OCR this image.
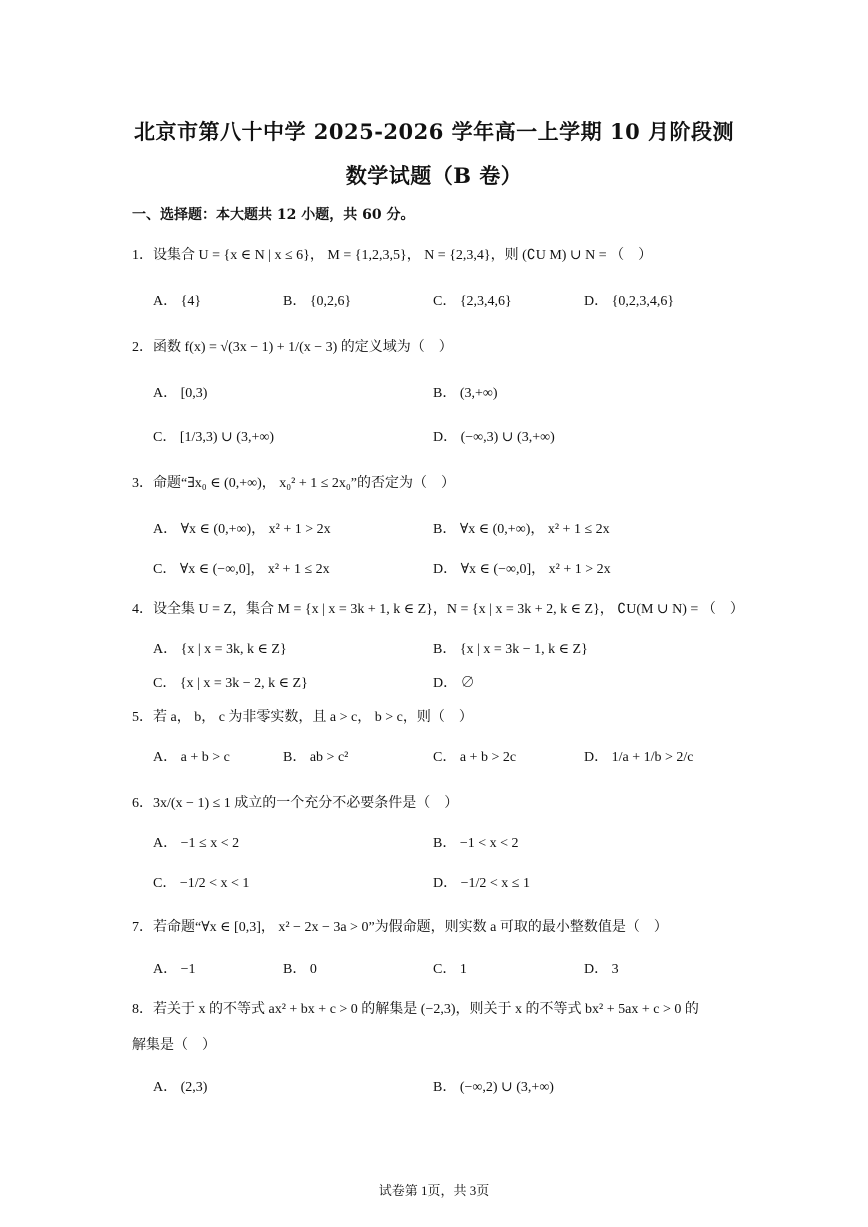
北京市第八十中学 2025-2026 学年高一上学期 10 月阶段测
数学试题（B 卷）
一、选择题：本大题共 12 小题，共 60 分。
1．设集合 U = {x ∈ N | x ≤ 6}， M = {1,2,3,5}， N = {2,3,4}，则 (∁U M) ∪ N = （　）
A． {4}	B． {0,2,6}	C． {2,3,4,6}	D． {0,2,3,4,6}
2．函数 f(x) = √(3x − 1) + 1/(x − 3) 的定义域为（　）
A． [0,3)	B． (3,+∞)
C． [1/3,3) ∪ (3,+∞)	D． (−∞,3) ∪ (3,+∞)
3．命题“∃x₀ ∈ (0,+∞)， x₀² + 1 ≤ 2x₀”的否定为（　）
A． ∀x ∈ (0,+∞)， x² + 1 > 2x	B． ∀x ∈ (0,+∞)， x² + 1 ≤ 2x
C． ∀x ∈ (−∞,0]， x² + 1 ≤ 2x	D． ∀x ∈ (−∞,0]， x² + 1 > 2x
4．设全集 U = Z，集合 M = {x | x = 3k + 1, k ∈ Z}，N = {x | x = 3k + 2, k ∈ Z}， ∁U(M ∪ N) = （　）
A． {x | x = 3k, k ∈ Z}	B． {x | x = 3k − 1, k ∈ Z}
C． {x | x = 3k − 2, k ∈ Z}	D． ∅
5．若 a， b， c 为非零实数，且 a > c， b > c，则（　）
A． a + b > c	B． ab > c²	C． a + b > 2c	D． 1/a + 1/b > 2/c
6．3x/(x − 1) ≤ 1 成立的一个充分不必要条件是（　）
A． −1 ≤ x < 2	B． −1 < x < 2
C． −1/2 < x < 1	D． −1/2 < x ≤ 1
7．若命题“∀x ∈ [0,3]， x² − 2x − 3a > 0”为假命题，则实数 a 可取的最小整数值是（　）
A． −1	B． 0	C． 1	D． 3
8．若关于 x 的不等式 ax² + bx + c > 0 的解集是 (−2,3)，则关于 x 的不等式 bx² + 5ax + c > 0 的
解集是（　）
A． (2,3)	B． (−∞,2) ∪ (3,+∞)
试卷第 1页，共 3页
